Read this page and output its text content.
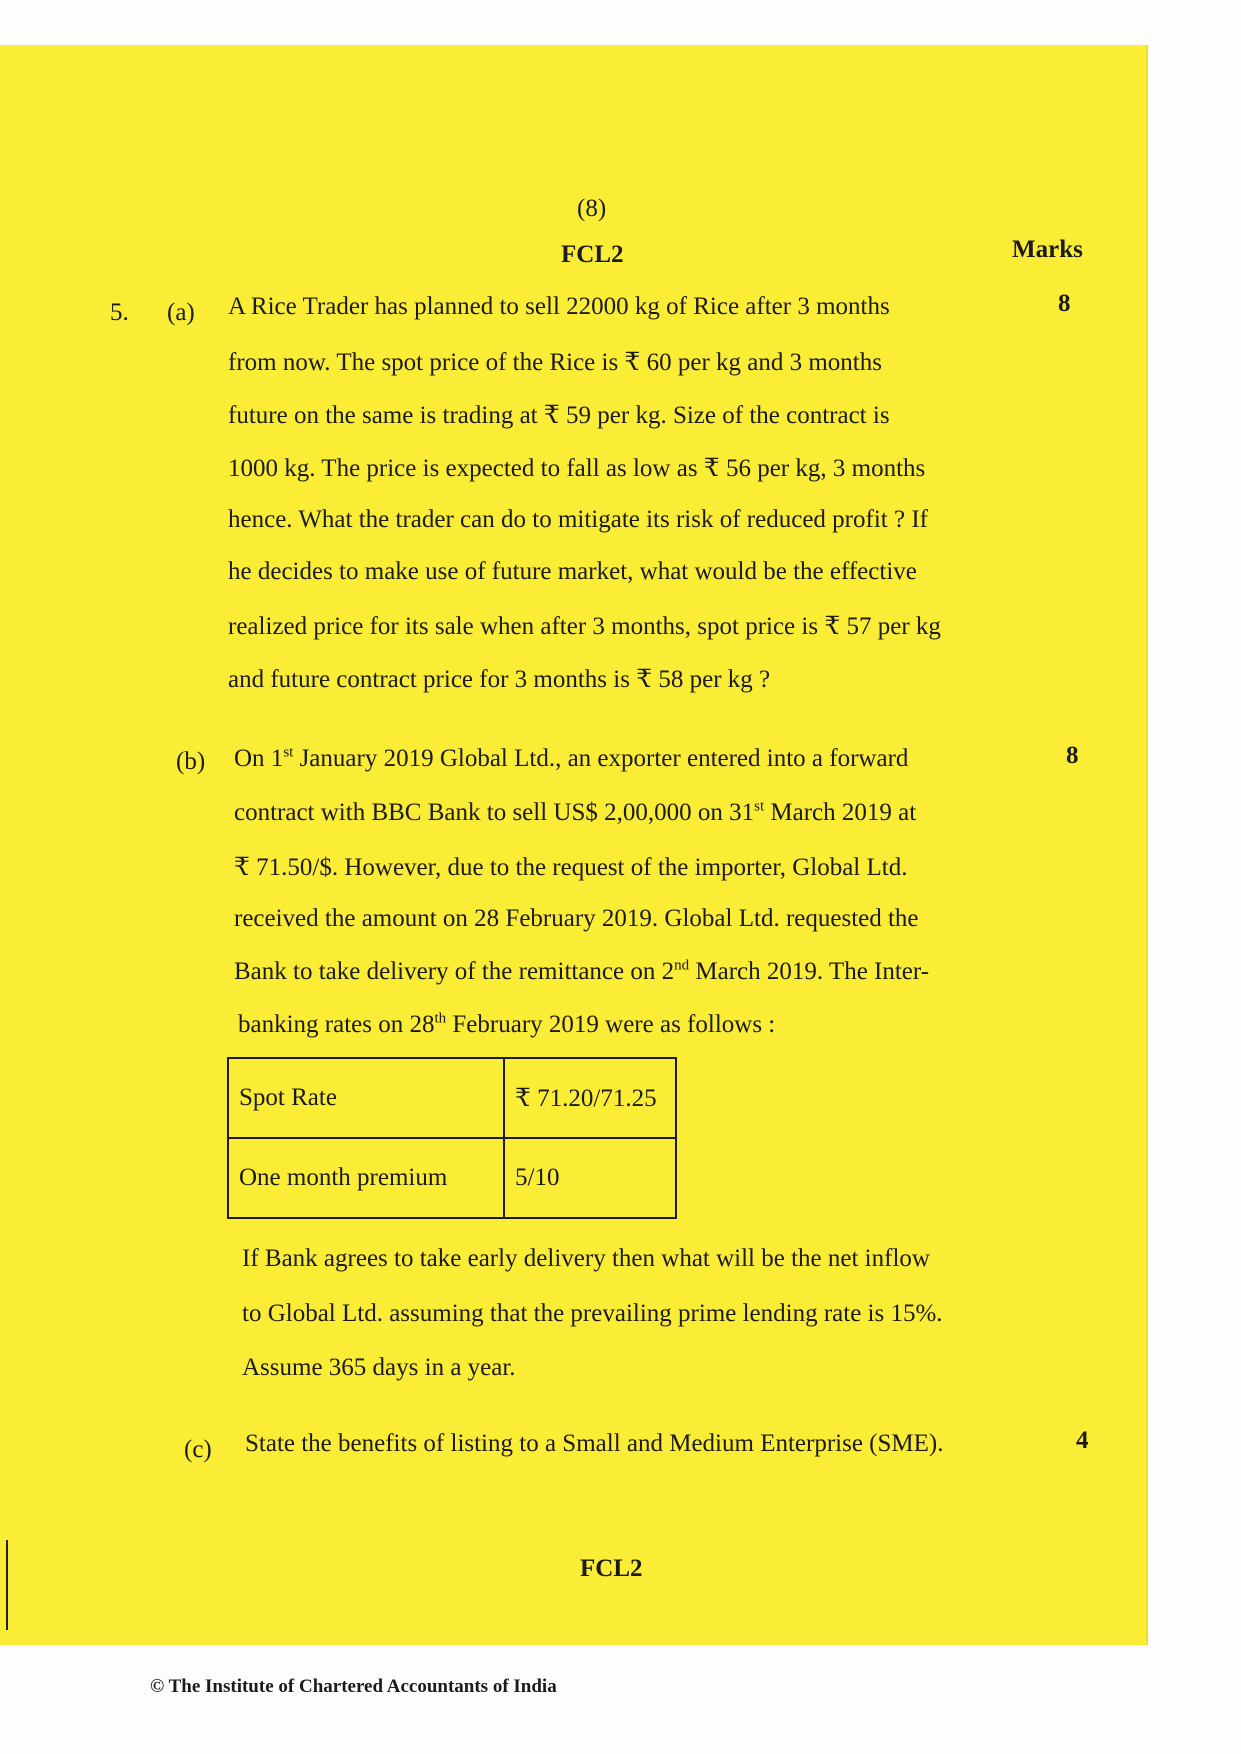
(8)
FCL2	Marks
5. (a)	8
A Rice Trader has planned to sell 22000 kg of Rice after 3 months
from now. The spot price of the Rice is ₹ 60 per kg and 3 months
future on the same is trading at ₹ 59 per kg. Size of the contract is
1000 kg. The price is expected to fall as low as ₹ 56 per kg, 3 months
hence. What the trader can do to mitigate its risk of reduced profit ? If
he decides to make use of future market, what would be the effective
realized price for its sale when after 3 months, spot price is ₹ 57 per kg
and future contract price for 3 months is ₹ 58 per kg ?
(b)	8
On 1st January 2019 Global Ltd., an exporter entered into a forward
contract with BBC Bank to sell US$ 2,00,000 on 31st March 2019 at
₹ 71.50/$. However, due to the request of the importer, Global Ltd.
received the amount on 28 February 2019. Global Ltd. requested the
Bank to take delivery of the remittance on 2nd March 2019. The Inter-
banking rates on 28th February 2019 were as follows :
Spot Rate	₹ 71.20/71.25
One month premium	5/10
If Bank agrees to take early delivery then what will be the net inflow
to Global Ltd. assuming that the prevailing prime lending rate is 15%.
Assume 365 days in a year.
(c) State the benefits of listing to a Small and Medium Enterprise (SME).	4
FCL2
© The Institute of Chartered Accountants of India
